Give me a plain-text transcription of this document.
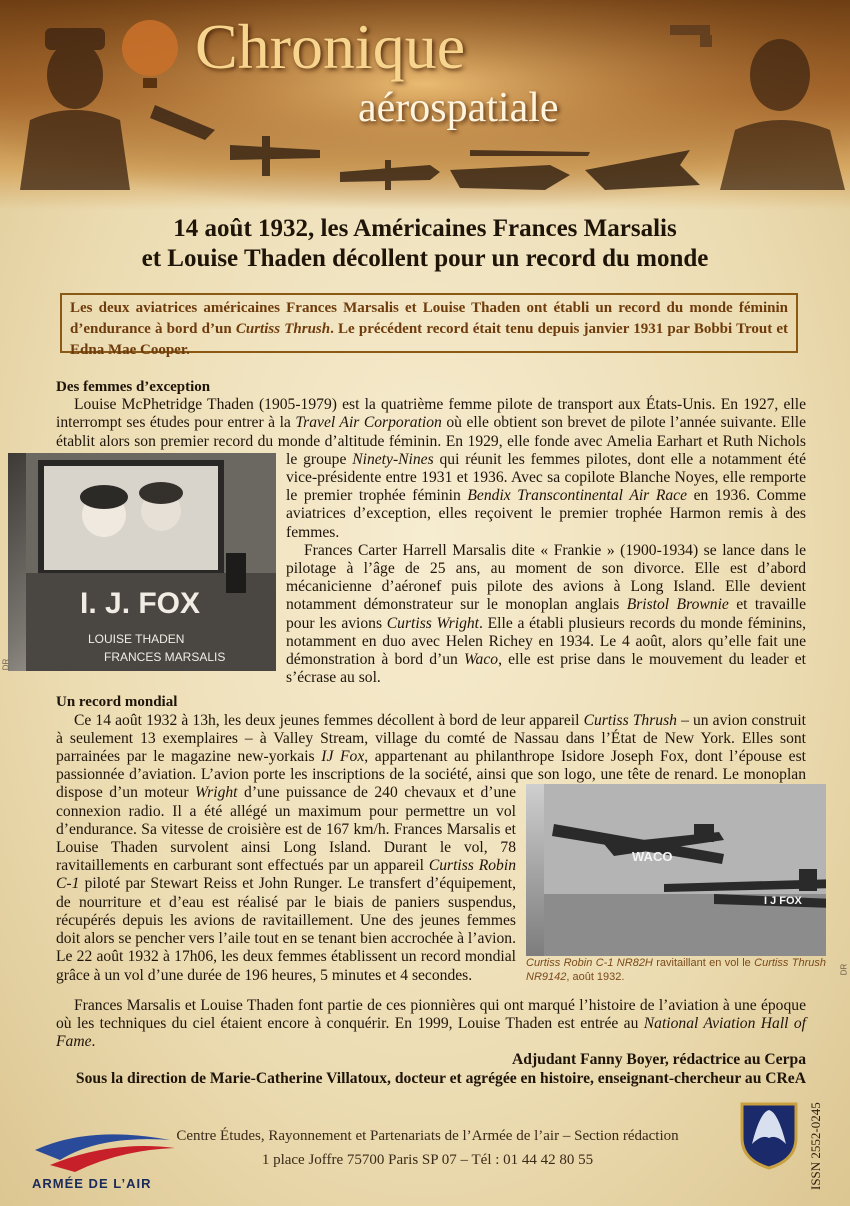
Chronique
aérospatiale
14 août 1932, les Américaines Frances Marsalis
et Louise Thaden décollent pour un record du monde
Les deux aviatrices américaines Frances Marsalis et Louise Thaden ont établi un record du monde féminin d’endurance à bord d’un Curtiss Thrush. Le précédent record était tenu depuis janvier 1931 par Bobbi Trout et Edna Mae Cooper.
Des femmes d’exception

Louise McPhetridge Thaden (1905-1979) est la quatrième femme pilote de transport aux États-Unis. En 1927, elle interrompt ses études pour entrer à la Travel Air Corporation où elle obtient son brevet de pilote l’année suivante. Elle établit alors son premier record du monde d’altitude féminin. En 1929, elle fonde avec Amelia Earhart et Ruth Nichols le groupe
I. J. FOX
LOUISE THADEN
FRANCES MARSALIS
Ninety-Nines qui réunit les femmes pilotes, dont elle a notamment été vice-présidente entre 1931 et 1936. Avec sa copilote Blanche Noyes, elle remporte le premier trophée féminin Bendix Transcontinental Air Race en 1936. Comme aviatrices d’exception, elles reçoivent le premier trophée Harmon remis à des femmes.

Frances Carter Harrell Marsalis dite « Frankie » (1900-1934) se lance dans le pilotage à l’âge de 25 ans, au moment de son divorce. Elle est d’abord mécanicienne d’aéronef puis pilote des avions à Long Island. Elle devient notamment démonstrateur sur le monoplan anglais Bristol Brownie et travaille pour les avions Curtiss Wright. Elle a établi plusieurs records du monde féminins, notamment en duo avec Helen Richey en 1934. Le 4 août, alors qu’elle fait une démonstration à bord d’un Waco, elle est prise dans le mouvement du leader et s’écrase au sol.

Un record mondial

Ce 14 août 1932 à 13h, les deux jeunes femmes décollent à bord de leur appareil Curtiss Thrush – un avion construit à seulement 13 exemplaires – à Valley Stream, village du comté de Nassau dans l’État de New York. Elles sont parrainées par le magazine new-yorkais IJ Fox, appartenant au philanthrope Isidore Joseph Fox, dont l’épouse est passionnée d’aviation. L’avion porte les inscriptions de la société, ainsi que son logo, une tête de renard. Le monoplan dispose d’un moteur
WACO
I J FOX
Curtiss Robin C-1 NR82H ravitaillant en vol le Curtiss Thrush NR9142, août 1932.
Wright d’une puissance de 240 chevaux et d’une connexion radio. Il a été allégé un maximum pour permettre un vol d’endurance. Sa vitesse de croisière est de 167 km/h. Frances Marsalis et Louise Thaden survolent ainsi Long Island. Durant le vol, 78 ravitaillements en carburant sont effectués par un appareil Curtiss Robin C-1 piloté par Stewart Reiss et John Runger. Le transfert d’équipement, de nourriture et d’eau est réalisé par le biais de paniers suspendus, récupérés depuis les avions de ravitaillement. Une des jeunes femmes doit alors se pencher vers l’aile tout en se tenant bien accrochée à l’avion. Le 22 août 1932 à 17h06, les deux femmes établissent un record mondial grâce à un vol d’une durée de 196 heures, 5 minutes et 4 secondes.

Frances Marsalis et Louise Thaden font partie de ces pionnières qui ont marqué l’histoire de l’aviation à une époque où les techniques du ciel étaient encore à conquérir. En 1999, Louise Thaden est entrée au National Aviation Hall of Fame.

Adjudant Fanny Boyer, rédactrice au Cerpa

Sous la direction de Marie-Catherine Villatoux, docteur et agrégée en histoire, enseignant-chercheur au CReA

DR
DR
ARMÉE DE L’AIR
Centre Études, Rayonnement et Partenariats de l’Armée de l’air – Section rédaction
1 place Joffre 75700 Paris SP 07 – Tél : 01 44 42 80 55	ISSN 2552-0245
